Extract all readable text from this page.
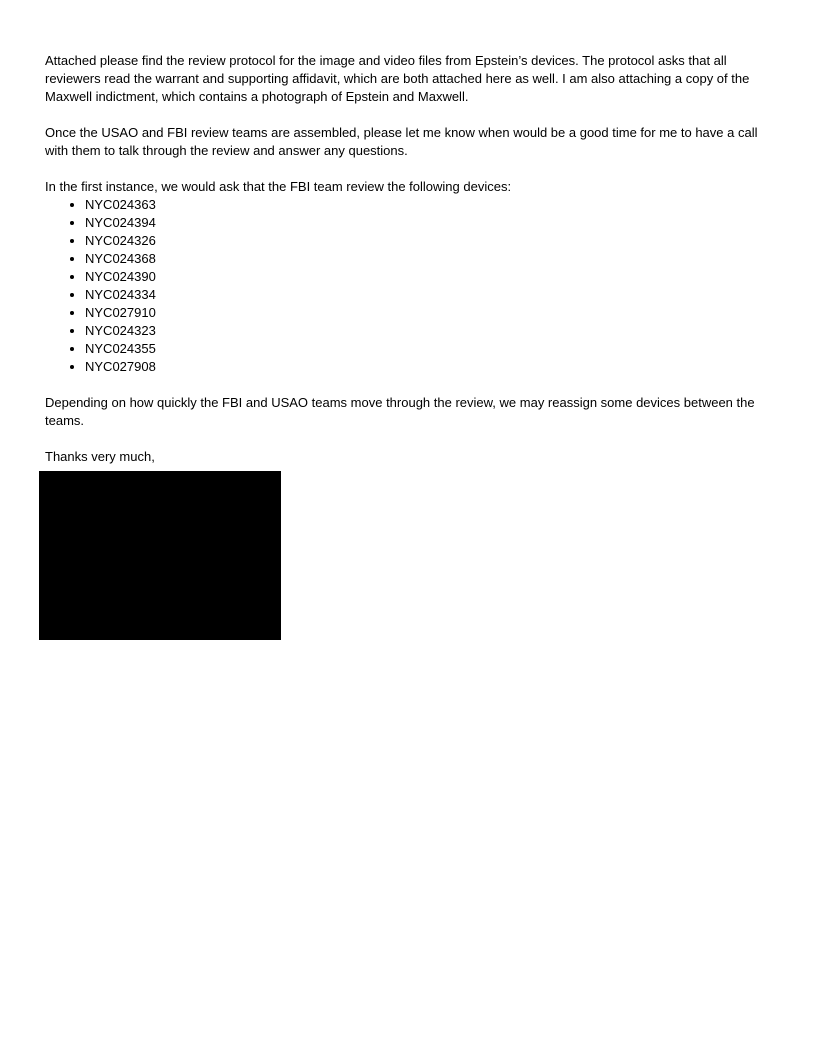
Attached please find the review protocol for the image and video files from Epstein’s devices. The protocol asks that all reviewers read the warrant and supporting affidavit, which are both attached here as well. I am also attaching a copy of the Maxwell indictment, which contains a photograph of Epstein and Maxwell.

Once the USAO and FBI review teams are assembled, please let me know when would be a good time for me to have a call with them to talk through the review and answer any questions.

In the first instance, we would ask that the FBI team review the following devices:

• NYC024363
• NYC024394
• NYC024326
• NYC024368
• NYC024390
• NYC024334
• NYC027910
• NYC024323
• NYC024355
• NYC027908

Depending on how quickly the FBI and USAO teams move through the review, we may reassign some devices between the teams.

Thanks very much,
